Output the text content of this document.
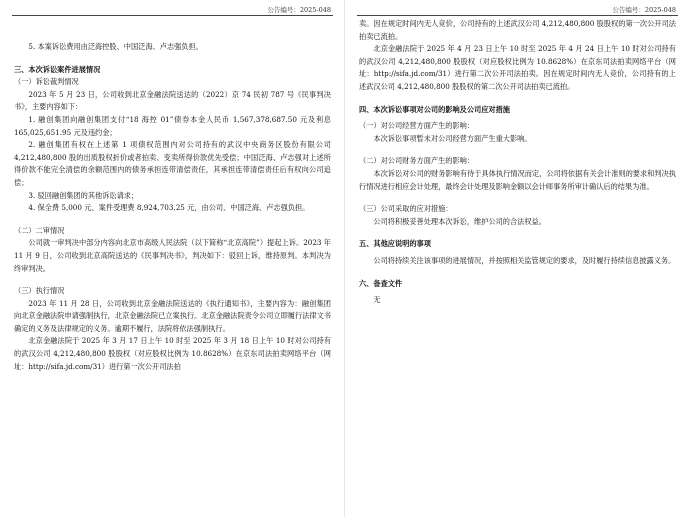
公告编号：2025-048

5. 本案诉讼费用由泛海控股、中国泛海、卢志强负担。

三、本次诉讼案件进展情况

（一）诉讼裁判情况

2023 年 5 月 23 日，公司收到北京金融法院送达的（2022）京 74 民初 787 号《民事判决书》，主要内容如下：

1. 融创集团向融创集团支付“18 海控 01”债券本金人民币 1,567,378,687.50 元及利息 165,025,651.95 元及违约金；

2. 融创集团有权在上述第 1 项债权范围内对公司持有的武汉中央商务区股份有限公司 4,212,480,800 股的出质股权折价或者拍卖、变卖所得价款优先受偿；中国泛海、卢志强对上述所得价款不能完全清偿的余额范围内的债务承担连带清偿责任，其承担连带清偿责任后有权向公司追偿；

3. 驳回融创集团的其他诉讼请求；

4. 保全费 5,000 元、案件受理费 8,924,703.25 元，由公司、中国泛海、卢志强负担。

（二）二审情况

公司就一审判决中部分内容向北京市高级人民法院（以下简称“北京高院”）提起上诉。2023 年 11 月 9 日，公司收到北京高院送达的《民事判决书》，判决如下：驳回上诉，维持原判。本判决为终审判决。

（三）执行情况

2023 年 11 月 28 日，公司收到北京金融法院送达的《执行通知书》，主要内容为：融创集团向北京金融法院申请强制执行，北京金融法院已立案执行。北京金融法院责令公司立即履行法律文书确定的义务及法律规定的义务。逾期不履行，法院将依法强制执行。

北京金融法院于 2025 年 3 月 17 日上午 10 时至 2025 年 3 月 18 日上午 10 时对公司持有的武汉公司 4,212,480,800 股股权（对应股权比例为 10.8628%）在京东司法拍卖网络平台（网址：http://sifa.jd.com/31）进行第一次公开司法拍

公告编号：2025-048

卖。因在规定时间内无人竞价，公司持有的上述武汉公司 4,212,480,800 股股权的第一次公开司法拍卖已流拍。

北京金融法院于 2025 年 4 月 23 日上午 10 时至 2025 年 4 月 24 日上午 10 时对公司持有的武汉公司 4,212,480,800 股股权（对应股权比例为 10.8628%）在京东司法拍卖网络平台（网址：http://sifa.jd.com/31）进行第二次公开司法拍卖。因在规定时间内无人竞价，公司持有的上述武汉公司 4,212,480,800 股股权的第二次公开司法拍卖已流拍。

四、本次诉讼事项对公司的影响及公司应对措施

（一）对公司经营方面产生的影响：

本次诉讼事项暂未对公司经营方面产生重大影响。

（二）对公司财务方面产生的影响：

本次诉讼对公司的财务影响有待于具体执行情况而定，公司将依据有关会计准则的要求和判决执行情况进行相应会计处理，最终会计处理及影响金额以会计师事务所审计确认后的结果为准。

（三）公司采取的应对措施：

公司将积极妥善处理本次诉讼，维护公司的合法权益。

五、其他应说明的事项

公司将持续关注该事项的进展情况，并按照相关监管规定的要求，及时履行持续信息披露义务。

六、备查文件

无
